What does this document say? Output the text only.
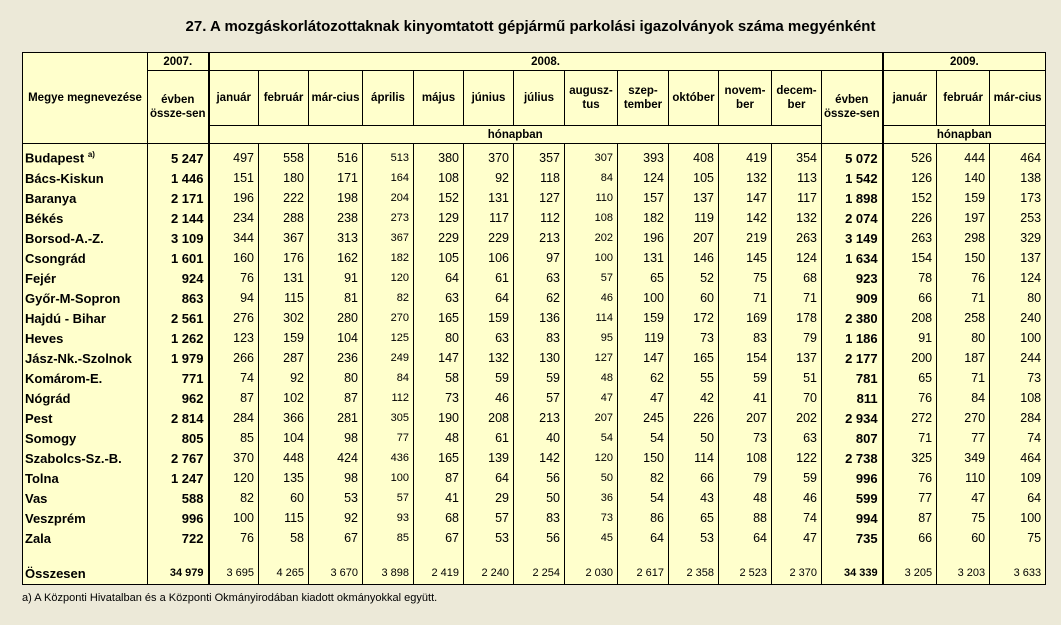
27. A mozgáskorlátozottaknak kinyomtatott gépjármű parkolási igazolványok száma megyénként
Megye megnevezése	2007.	2008.													2009.		
	évben össze-sen	január	február	már-cius	április	május	június	július	augusz-tus	szep-tember	október	novem-ber	decem-ber	évben össze-sen	január	február	már-cius
		hónapban													hónapban		
Budapest $^{a)}$	5 247	497	558	516	513	380	370	357	307	393	408	419	354	5 072	526	444	464
Bács-Kiskun	1 446	151	180	171	164	108	92	118	84	124	105	132	113	1 542	126	140	138
Baranya	2 171	196	222	198	204	152	131	127	110	157	137	147	117	1 898	152	159	173
Békés	2 144	234	288	238	273	129	117	112	108	182	119	142	132	2 074	226	197	253
Borsod-A.-Z.	3 109	344	367	313	367	229	229	213	202	196	207	219	263	3 149	263	298	329
Csongrád	1 601	160	176	162	182	105	106	97	100	131	146	145	124	1 634	154	150	137
Fejér	924	76	131	91	120	64	61	63	57	65	52	75	68	923	78	76	124
Győr-M-Sopron	863	94	115	81	82	63	64	62	46	100	60	71	71	909	66	71	80
Hajdú - Bihar	2 561	276	302	280	270	165	159	136	114	159	172	169	178	2 380	208	258	240
Heves	1 262	123	159	104	125	80	63	83	95	119	73	83	79	1 186	91	80	100
Jász-Nk.-Szolnok	1 979	266	287	236	249	147	132	130	127	147	165	154	137	2 177	200	187	244
Komárom-E.	771	74	92	80	84	58	59	59	48	62	55	59	51	781	65	71	73
Nógrád	962	87	102	87	112	73	46	57	47	47	42	41	70	811	76	84	108
Pest	2 814	284	366	281	305	190	208	213	207	245	226	207	202	2 934	272	270	284
Somogy	805	85	104	98	77	48	61	40	54	54	50	73	63	807	71	77	74
Szabolcs-Sz.-B.	2 767	370	448	424	436	165	139	142	120	150	114	108	122	2 738	325	349	464
Tolna	1 247	120	135	98	100	87	64	56	50	82	66	79	59	996	76	110	109
Vas	588	82	60	53	57	41	29	50	36	54	43	48	46	599	77	47	64
Veszprém	996	100	115	92	93	68	57	83	73	86	65	88	74	994	87	75	100
Zala	722	76	58	67	85	67	53	56	45	64	53	64	47	735	66	60	75

Összesen	34 979	3 695	4 265	3 670	3 898	2 419	2 240	2 254	2 030	2 617	2 358	2 523	2 370	34 339	3 205	3 203	3 633
a) A Központi Hivatalban és a Központi Okmányirodában kiadott okmányokkal együtt.
